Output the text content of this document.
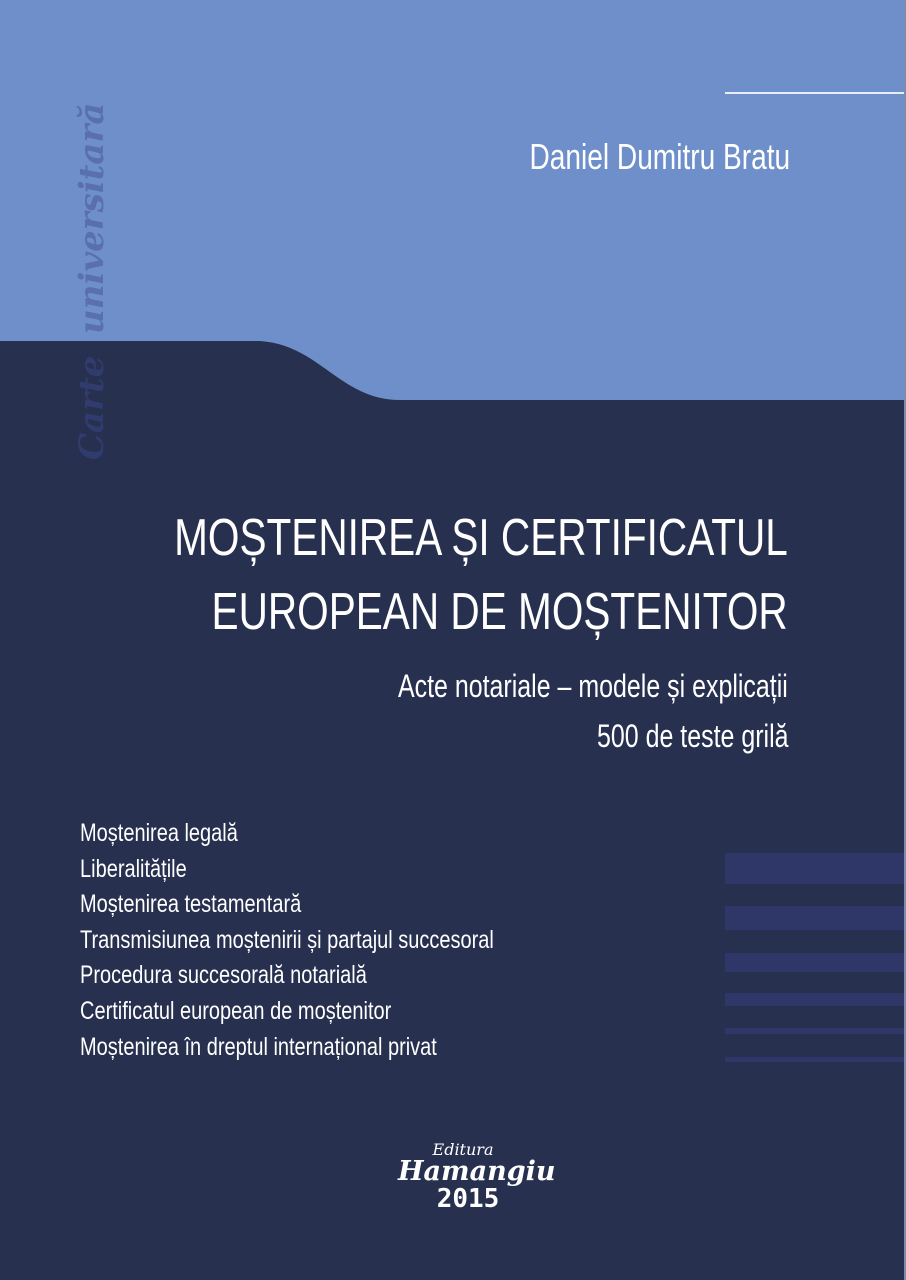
Carte
universitară	Daniel Dumitru Bratu
MOȘTENIREA ȘI CERTIFICATUL
EUROPEAN DE MOȘTENITOR
Acte notariale – modele și explicații
500 de teste grilă
Moștenirea legală
Liberalitățile
Moștenirea testamentară
Transmisiunea moștenirii și partajul succesoral
Procedura succesorală notarială
Certificatul european de moștenitor
Moștenirea în dreptul internațional privat
Editura
Hamangiu
2015
